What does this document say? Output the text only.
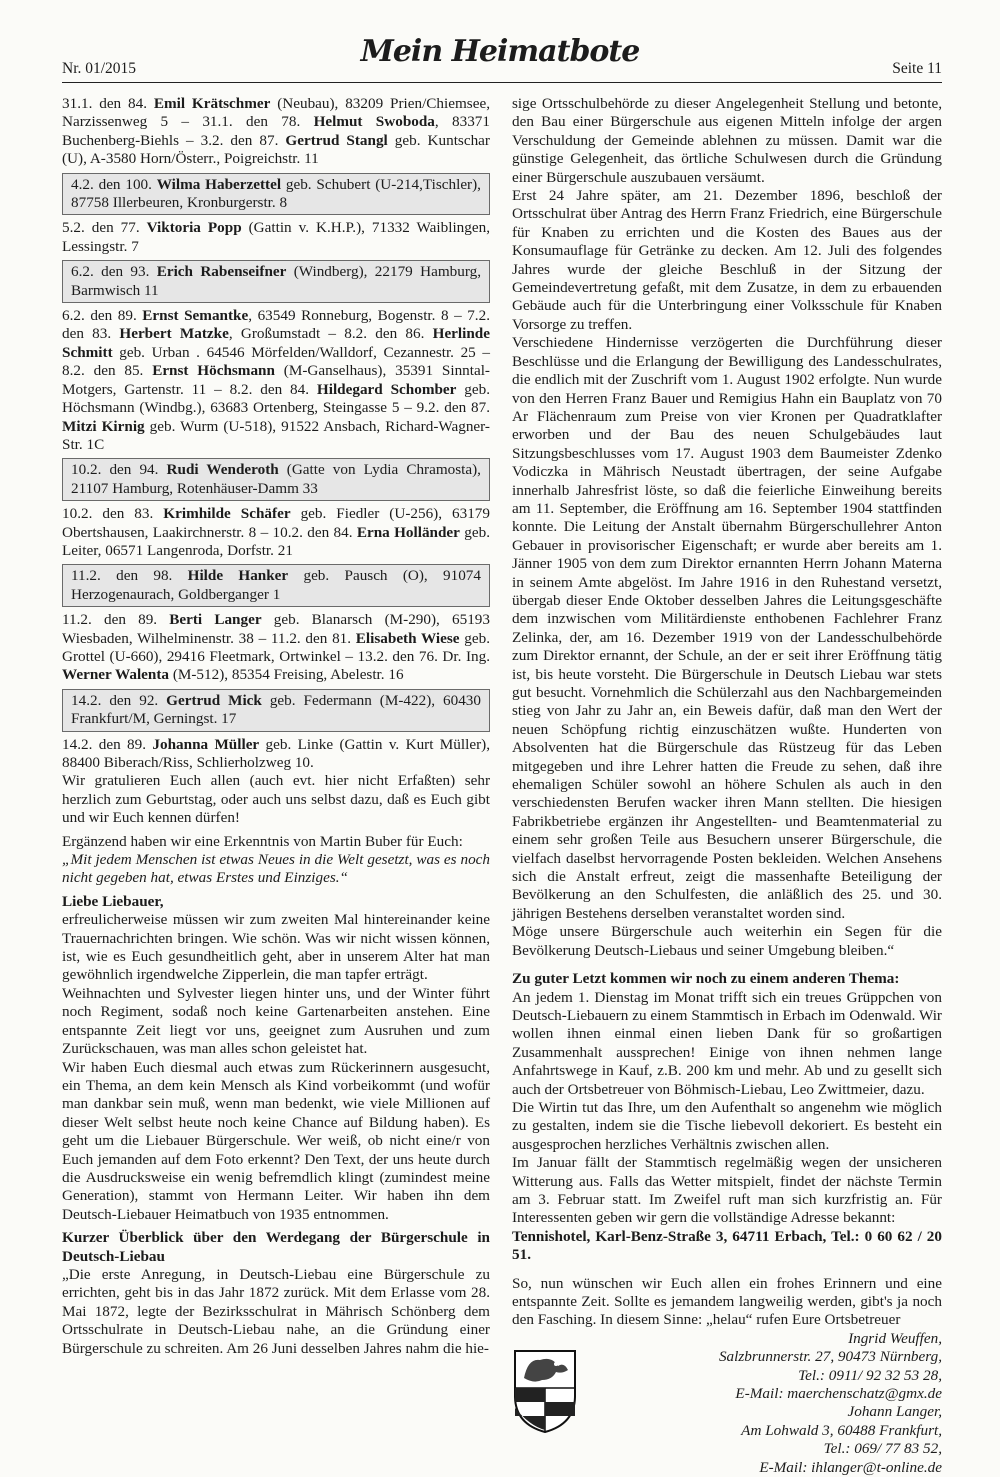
Nr. 01/2015	Mein Heimatbote	Seite 11

31.1. den 84. Emil Krätschmer (Neubau), 83209 Prien/Chiemsee, Narzissenweg 5 – 31.1. den 78. Helmut Swoboda, 83371 Buchenberg-Biehls – 3.2. den 87. Gertrud Stangl geb. Kuntschar (U), A-3580 Horn/Österr., Poigreichstr. 11

4.2. den 100. Wilma Haberzettel geb. Schubert (U-214,Tischler), 87758 Illerbeuren, Kronburgerstr. 8

5.2. den 77. Viktoria Popp (Gattin v. K.H.P.), 71332 Waiblingen, Lessingstr. 7

6.2. den 93. Erich Rabenseifner (Windberg), 22179 Hamburg, Barmwisch 11

6.2. den 89. Ernst Semantke, 63549 Ronneburg, Bogenstr. 8 – 7.2. den 83. Herbert Matzke, Großumstadt – 8.2. den 86. Herlinde Schmitt geb. Urban . 64546 Mörfelden/Walldorf, Cezannestr. 25 – 8.2. den 85. Ernst Höchsmann (M-Ganselhaus), 35391 Sinntal-Motgers, Gartenstr. 11 – 8.2. den 84. Hildegard Schomber geb. Höchsmann (Windbg.), 63683 Ortenberg, Steingasse 5 – 9.2. den 87. Mitzi Kirnig geb. Wurm (U-518), 91522 Ansbach, Richard-Wagner-Str. 1C

10.2. den 94. Rudi Wenderoth (Gatte von Lydia Chramosta), 21107 Hamburg, Rotenhäuser-Damm 33

10.2. den 83. Krimhilde Schäfer geb. Fiedler (U-256), 63179 Obertshausen, Laakirchnerstr. 8 – 10.2. den 84. Erna Holländer geb. Leiter, 06571 Langenroda, Dorfstr. 21

11.2. den 98. Hilde Hanker geb. Pausch (O), 91074 Herzogenaurach, Goldberganger 1

11.2. den 89. Berti Langer geb. Blanarsch (M-290), 65193 Wiesbaden, Wilhelminenstr. 38 – 11.2. den 81. Elisabeth Wiese geb. Grottel (U-660), 29416 Fleetmark, Ortwinkel – 13.2. den 76. Dr. Ing. Werner Walenta (M-512), 85354 Freising, Abelestr. 16

14.2. den 92. Gertrud Mick geb. Federmann (M-422), 60430 Frankfurt/M, Gerningst. 17

14.2. den 89. Johanna Müller geb. Linke (Gattin v. Kurt Müller), 88400 Biberach/Riss, Schlierholzweg 10.

Wir gratulieren Euch allen (auch evt. hier nicht Erfaßten) sehr herzlich zum Geburtstag, oder auch uns selbst dazu, daß es Euch gibt und wir Euch kennen dürfen!

Ergänzend haben wir eine Erkenntnis von Martin Buber für Euch:

„Mit jedem Menschen ist etwas Neues in die Welt gesetzt, was es noch nicht gegeben hat, etwas Erstes und Einziges.“

Liebe Liebauer,

erfreulicherweise müssen wir zum zweiten Mal hintereinander keine Trauernachrichten bringen. Wie schön. Was wir nicht wissen können, ist, wie es Euch gesundheitlich geht, aber in unserem Alter hat man gewöhnlich irgendwelche Zipperlein, die man tapfer erträgt.

Weihnachten und Sylvester liegen hinter uns, und der Winter führt noch Regiment, sodaß noch keine Gartenarbeiten anstehen. Eine entspannte Zeit liegt vor uns, geeignet zum Ausruhen und zum Zurückschauen, was man alles schon geleistet hat.

Wir haben Euch diesmal auch etwas zum Rückerinnern ausgesucht, ein Thema, an dem kein Mensch als Kind vorbeikommt (und wofür man dankbar sein muß, wenn man bedenkt, wie viele Millionen auf dieser Welt selbst heute noch keine Chance auf Bildung haben). Es geht um die Liebauer Bürgerschule. Wer weiß, ob nicht eine/r von Euch jemanden auf dem Foto erkennt? Den Text, der uns heute durch die Ausdrucksweise ein wenig befremdlich klingt (zumindest meine Generation), stammt von Hermann Leiter. Wir haben ihn dem Deutsch-Liebauer Heimatbuch von 1935 entnommen.

Kurzer Überblick über den Werdegang der Bürgerschule in Deutsch-Liebau

„Die erste Anregung, in Deutsch-Liebau eine Bürgerschule zu errichten, geht bis in das Jahr 1872 zurück. Mit dem Erlasse vom 28. Mai 1872, legte der Bezirksschulrat in Mährisch Schönberg dem Ortsschulrate in Deutsch-Liebau nahe, an die Gründung einer Bürgerschule zu schreiten. Am 26 Juni desselben Jahres nahm die hie-

sige Ortsschulbehörde zu dieser Angelegenheit Stellung und betonte, den Bau einer Bürgerschule aus eigenen Mitteln infolge der argen Verschuldung der Gemeinde ablehnen zu müssen. Damit war die günstige Gelegenheit, das örtliche Schulwesen durch die Gründung einer Bürgerschule auszubauen versäumt.

Erst 24 Jahre später, am 21. Dezember 1896, beschloß der Ortsschulrat über Antrag des Herrn Franz Friedrich, eine Bürgerschule für Knaben zu errichten und die Kosten des Baues aus der Konsumauflage für Getränke zu decken. Am 12. Juli des folgendes Jahres wurde der gleiche Beschluß in der Sitzung der Gemeindevertretung gefaßt, mit dem Zusatze, in dem zu erbauenden Gebäude auch für die Unterbringung einer Volksschule für Knaben Vorsorge zu treffen.

Verschiedene Hindernisse verzögerten die Durchführung dieser Beschlüsse und die Erlangung der Bewilligung des Landesschulrates, die endlich mit der Zuschrift vom 1. August 1902 erfolgte. Nun wurde von den Herren Franz Bauer und Remigius Hahn ein Bauplatz von 70 Ar Flächenraum zum Preise von vier Kronen per Quadratklafter erworben und der Bau des neuen Schulgebäudes laut Sitzungsbeschlusses vom 17. August 1903 dem Baumeister Zdenko Vodiczka in Mährisch Neustadt übertragen, der seine Aufgabe innerhalb Jahresfrist löste, so daß die feierliche Einweihung bereits am 11. September, die Eröffnung am 16. September 1904 stattfinden konnte. Die Leitung der Anstalt übernahm Bürgerschullehrer Anton Gebauer in provisorischer Eigenschaft; er wurde aber bereits am 1. Jänner 1905 von dem zum Direktor ernannten Herrn Johann Materna in seinem Amte abgelöst. Im Jahre 1916 in den Ruhestand versetzt, übergab dieser Ende Oktober desselben Jahres die Leitungsgeschäfte dem inzwischen vom Militärdienste enthobenen Fachlehrer Franz Zelinka, der, am 16. Dezember 1919 von der Landesschulbehörde zum Direktor ernannt, der Schule, an der er seit ihrer Eröffnung tätig ist, bis heute vorsteht. Die Bürgerschule in Deutsch Liebau war stets gut besucht. Vornehmlich die Schülerzahl aus den Nachbargemeinden stieg von Jahr zu Jahr an, ein Beweis dafür, daß man den Wert der neuen Schöpfung richtig einzuschätzen wußte. Hunderten von Absolventen hat die Bürgerschule das Rüstzeug für das Leben mitgegeben und ihre Lehrer hatten die Freude zu sehen, daß ihre ehemaligen Schüler sowohl an höhere Schulen als auch in den verschiedensten Berufen wacker ihren Mann stellten. Die hiesigen Fabrikbetriebe ergänzen ihr Angestellten- und Beamtenmaterial zu einem sehr großen Teile aus Besuchern unserer Bürgerschule, die vielfach daselbst hervorragende Posten bekleiden. Welchen Ansehens sich die Anstalt erfreut, zeigt die massenhafte Beteiligung der Bevölkerung an den Schulfesten, die anläßlich des 25. und 30. jährigen Bestehens derselben veranstaltet worden sind.

Möge unsere Bürgerschule auch weiterhin ein Segen für die Bevölkerung Deutsch-Liebaus und seiner Umgebung bleiben.“

Zu guter Letzt kommen wir noch zu einem anderen Thema:

An jedem 1. Dienstag im Monat trifft sich ein treues Grüppchen von Deutsch-Liebauern zu einem Stammtisch in Erbach im Odenwald. Wir wollen ihnen einmal einen lieben Dank für so großartigen Zusammenhalt aussprechen! Einige von ihnen nehmen lange Anfahrtswege in Kauf, z.B. 200 km und mehr. Ab und zu gesellt sich auch der Ortsbetreuer von Böhmisch-Liebau, Leo Zwittmeier, dazu.

Die Wirtin tut das Ihre, um den Aufenthalt so angenehm wie möglich zu gestalten, indem sie die Tische liebevoll dekoriert. Es besteht ein ausgesprochen herzliches Verhältnis zwischen allen.

Im Januar fällt der Stammtisch regelmäßig wegen der unsicheren Witterung aus. Falls das Wetter mitspielt, findet der nächste Termin am 3. Februar statt. Im Zweifel ruft man sich kurzfristig an. Für Interessenten geben wir gern die vollständige Adresse bekannt:

Tennishotel, Karl-Benz-Straße 3, 64711 Erbach, Tel.: 0 60 62 / 20 51.

So, nun wünschen wir Euch allen ein frohes Erinnern und eine entspannte Zeit. Sollte es jemandem langweilig werden, gibt's ja noch den Fasching. In diesem Sinne: „helau“ rufen Eure Ortsbetreuer

Ingrid Weuffen,

Salzbrunnerstr. 27, 90473 Nürnberg,

Tel.: 0911/ 92 32 53 28,

E-Mail: maerchenschatz@gmx.de

Johann Langer,

Am Lohwald 3, 60488 Frankfurt,

Tel.: 069/ 77 83 52,

E-Mail: ihlanger@t-online.de
